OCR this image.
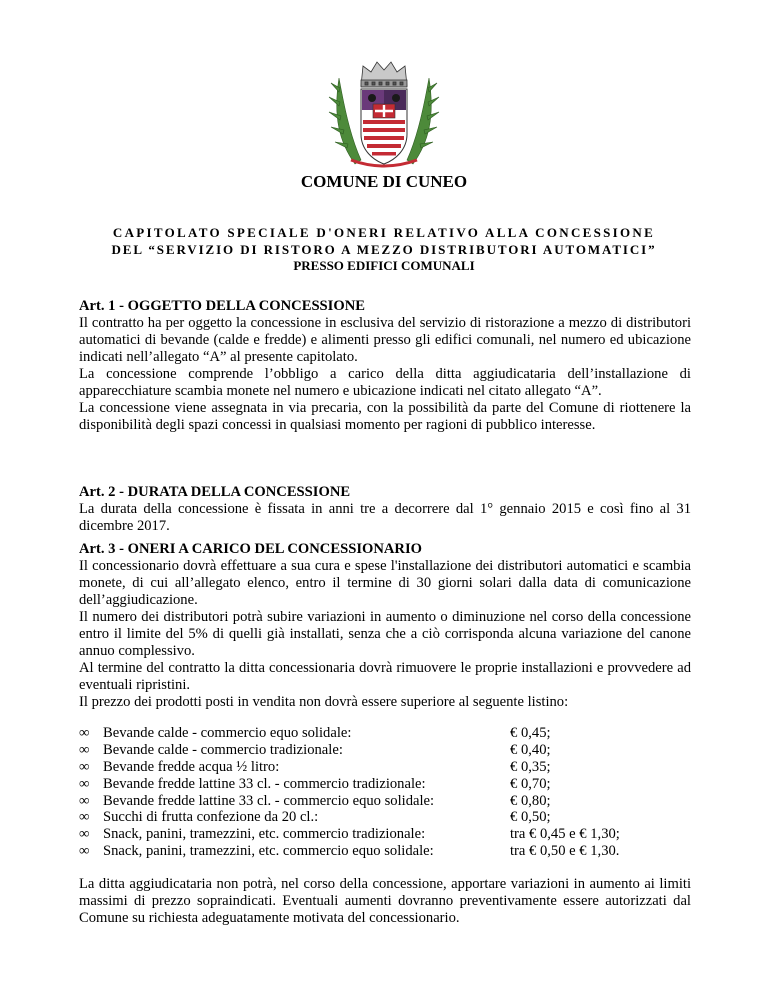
COMUNE DI CUNEO
CAPITOLATO SPECIALE D'ONERI RELATIVO ALLA CONCESSIONE
DEL “SERVIZIO DI RISTORO A MEZZO DISTRIBUTORI AUTOMATICI”
PRESSO EDIFICI COMUNALI
Art. 1 - OGGETTO DELLA CONCESSIONE
Il contratto ha per oggetto la concessione in esclusiva del servizio di ristorazione a mezzo di distributori automatici di bevande (calde e fredde) e alimenti presso gli edifici comunali, nel numero ed ubicazione indicati nell’allegato “A” al presente capitolato.
La concessione comprende l’obbligo a carico della ditta aggiudicataria dell’installazione di apparecchiature scambia monete nel numero e ubicazione indicati nel citato allegato “A”.
La concessione viene assegnata in via precaria, con la possibilità da parte del Comune di riottenere la disponibilità degli spazi concessi in qualsiasi momento per ragioni di pubblico interesse.
Art. 2 - DURATA DELLA CONCESSIONE
La durata della concessione è fissata in anni tre a decorrere dal 1° gennaio 2015 e così fino al 31 dicembre 2017.
Art. 3 - ONERI A CARICO DEL CONCESSIONARIO
Il concessionario dovrà effettuare a sua cura e spese l'installazione dei distributori automatici e scambia monete, di cui all’allegato elenco, entro il termine di 30 giorni solari dalla data di comunicazione dell’aggiudicazione.
Il numero dei distributori potrà subire variazioni in aumento o diminuzione nel corso della concessione entro il limite del 5% di quelli già installati, senza che a ciò corrisponda alcuna variazione del canone annuo complessivo.
Al termine del contratto la ditta concessionaria dovrà rimuovere le proprie installazioni e provvedere ad eventuali ripristini.
Il prezzo dei prodotti posti in vendita non dovrà essere superiore al seguente listino:
∞ Bevande calde - commercio equo solidale:	€ 0,45;
∞ Bevande calde - commercio tradizionale:	€ 0,40;
∞ Bevande fredde acqua ½ litro:	€ 0,35;
∞ Bevande fredde lattine 33 cl. - commercio tradizionale:	€ 0,70;
∞ Bevande fredde lattine 33 cl. - commercio equo solidale:	€ 0,80;
∞ Succhi di frutta confezione da 20 cl.:	€ 0,50;
∞ Snack, panini, tramezzini, etc. commercio tradizionale:	tra € 0,45 e € 1,30;
∞ Snack, panini, tramezzini, etc. commercio equo solidale:	tra € 0,50 e € 1,30.
La ditta aggiudicataria non potrà, nel corso della concessione, apportare variazioni in aumento ai limiti massimi di prezzo sopraindicati. Eventuali aumenti dovranno preventivamente essere autorizzati dal Comune su richiesta adeguatamente motivata del concessionario.
